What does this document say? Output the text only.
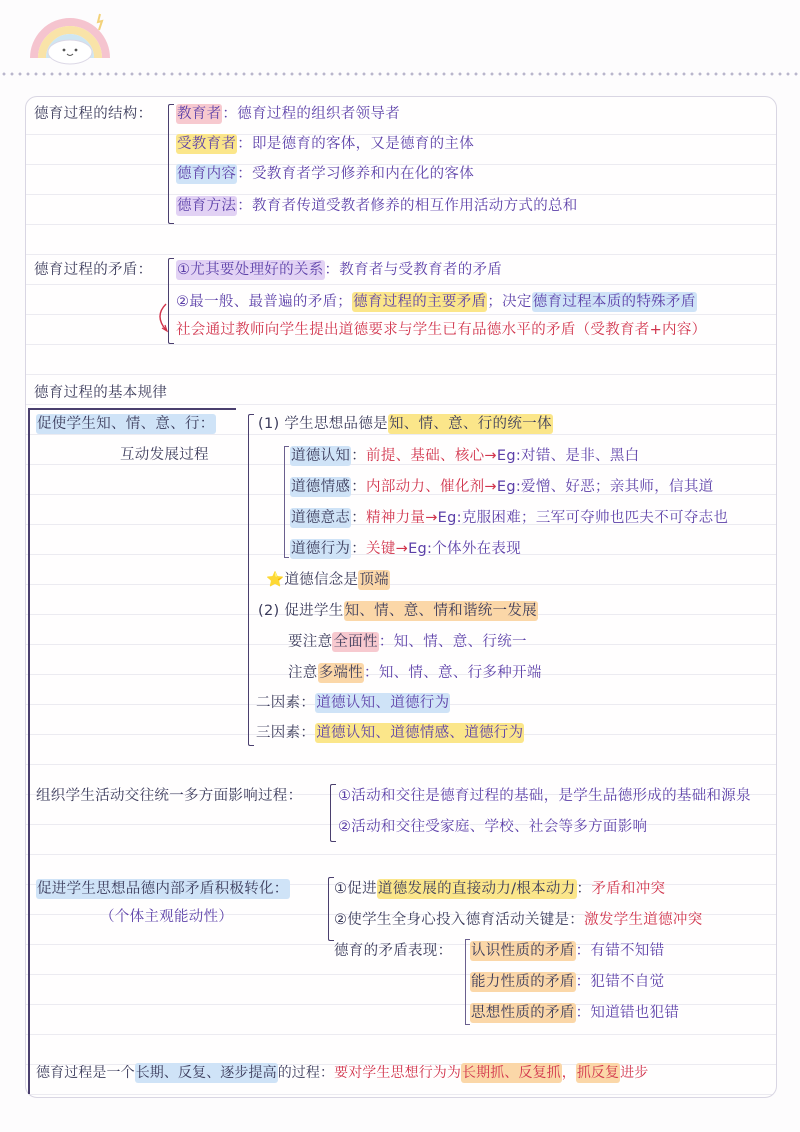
德育过程的结构： 教育者：德育过程的组织者领导者
受教育者：即是德育的客体，又是德育的主体
德育内容：受教育者学习修养和内在化的客体
德育方法：教育者传道受教者修养的相互作用活动方式的总和
德育过程的矛盾： ①尤其要处理好的关系：教育者与受教育者的矛盾
②最一般、最普遍的矛盾；德育过程的主要矛盾；决定德育过程本质的特殊矛盾
社会通过教师向学生提出道德要求与学生已有品德水平的矛盾（受教育者+内容）
德育过程的基本规律
促使学生知、情、意、行：
互动发展过程
(1) 学生思想品德是知、情、意、行的统一体
道德认知：前提、基础、核心→Eg:对错、是非、黑白
道德情感：内部动力、催化剂→Eg:爱憎、好恶；亲其师，信其道
道德意志：精神力量→Eg:克服困难；三军可夺帅也匹夫不可夺志也
道德行为：关键→Eg:个体外在表现
⭐道德信念是顶端
(2) 促进学生知、情、意、情和谐统一发展
要注意全面性：知、情、意、行统一
注意多端性：知、情、意、行多种开端
二因素：道德认知、道德行为
三因素：道德认知、道德情感、道德行为
组织学生活动交往统一多方面影响过程： ①活动和交往是德育过程的基础，是学生品德形成的基础和源泉
②活动和交往受家庭、学校、社会等多方面影响
促进学生思想品德内部矛盾积极转化：
（个体主观能动性）
①促进道德发展的直接动力/根本动力：矛盾和冲突
②使学生全身心投入德育活动关键是：激发学生道德冲突
德育的矛盾表现： 认识性质的矛盾：有错不知错
能力性质的矛盾：犯错不自觉
思想性质的矛盾：知道错也犯错
德育过程是一个长期、反复、逐步提高的过程：要对学生思想行为为长期抓、反复抓，抓反复进步
